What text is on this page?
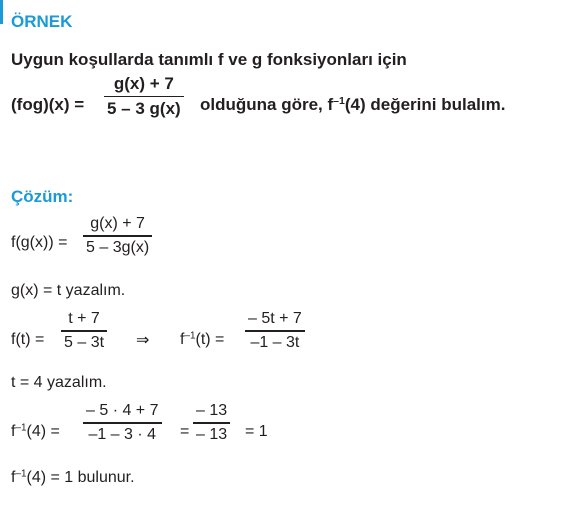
ÖRNEK
Uygun koşullarda tanımlı f ve g fonksiyonları için
(fog)(x) =
g(x) + 7
5 – 3 g(x) olduğuna göre, $f^{-1}(4)$ değerini bulalım.
Çözüm:
f(g(x)) =
g(x) + 7
5 – 3g(x)
g(x) = t yazalım.
f(t) =
t + 7
5 – 3t ⇒ $f^{-1}(t)$ =
– 5t + 7
–1 – 3t
t = 4 yazalım.
$f^{-1}(4)$ =
– 5 · 4 + 7
–1 – 3 · 4 =
– 13
– 13 = 1
$f^{-1}(4) = 1$ bulunur.
